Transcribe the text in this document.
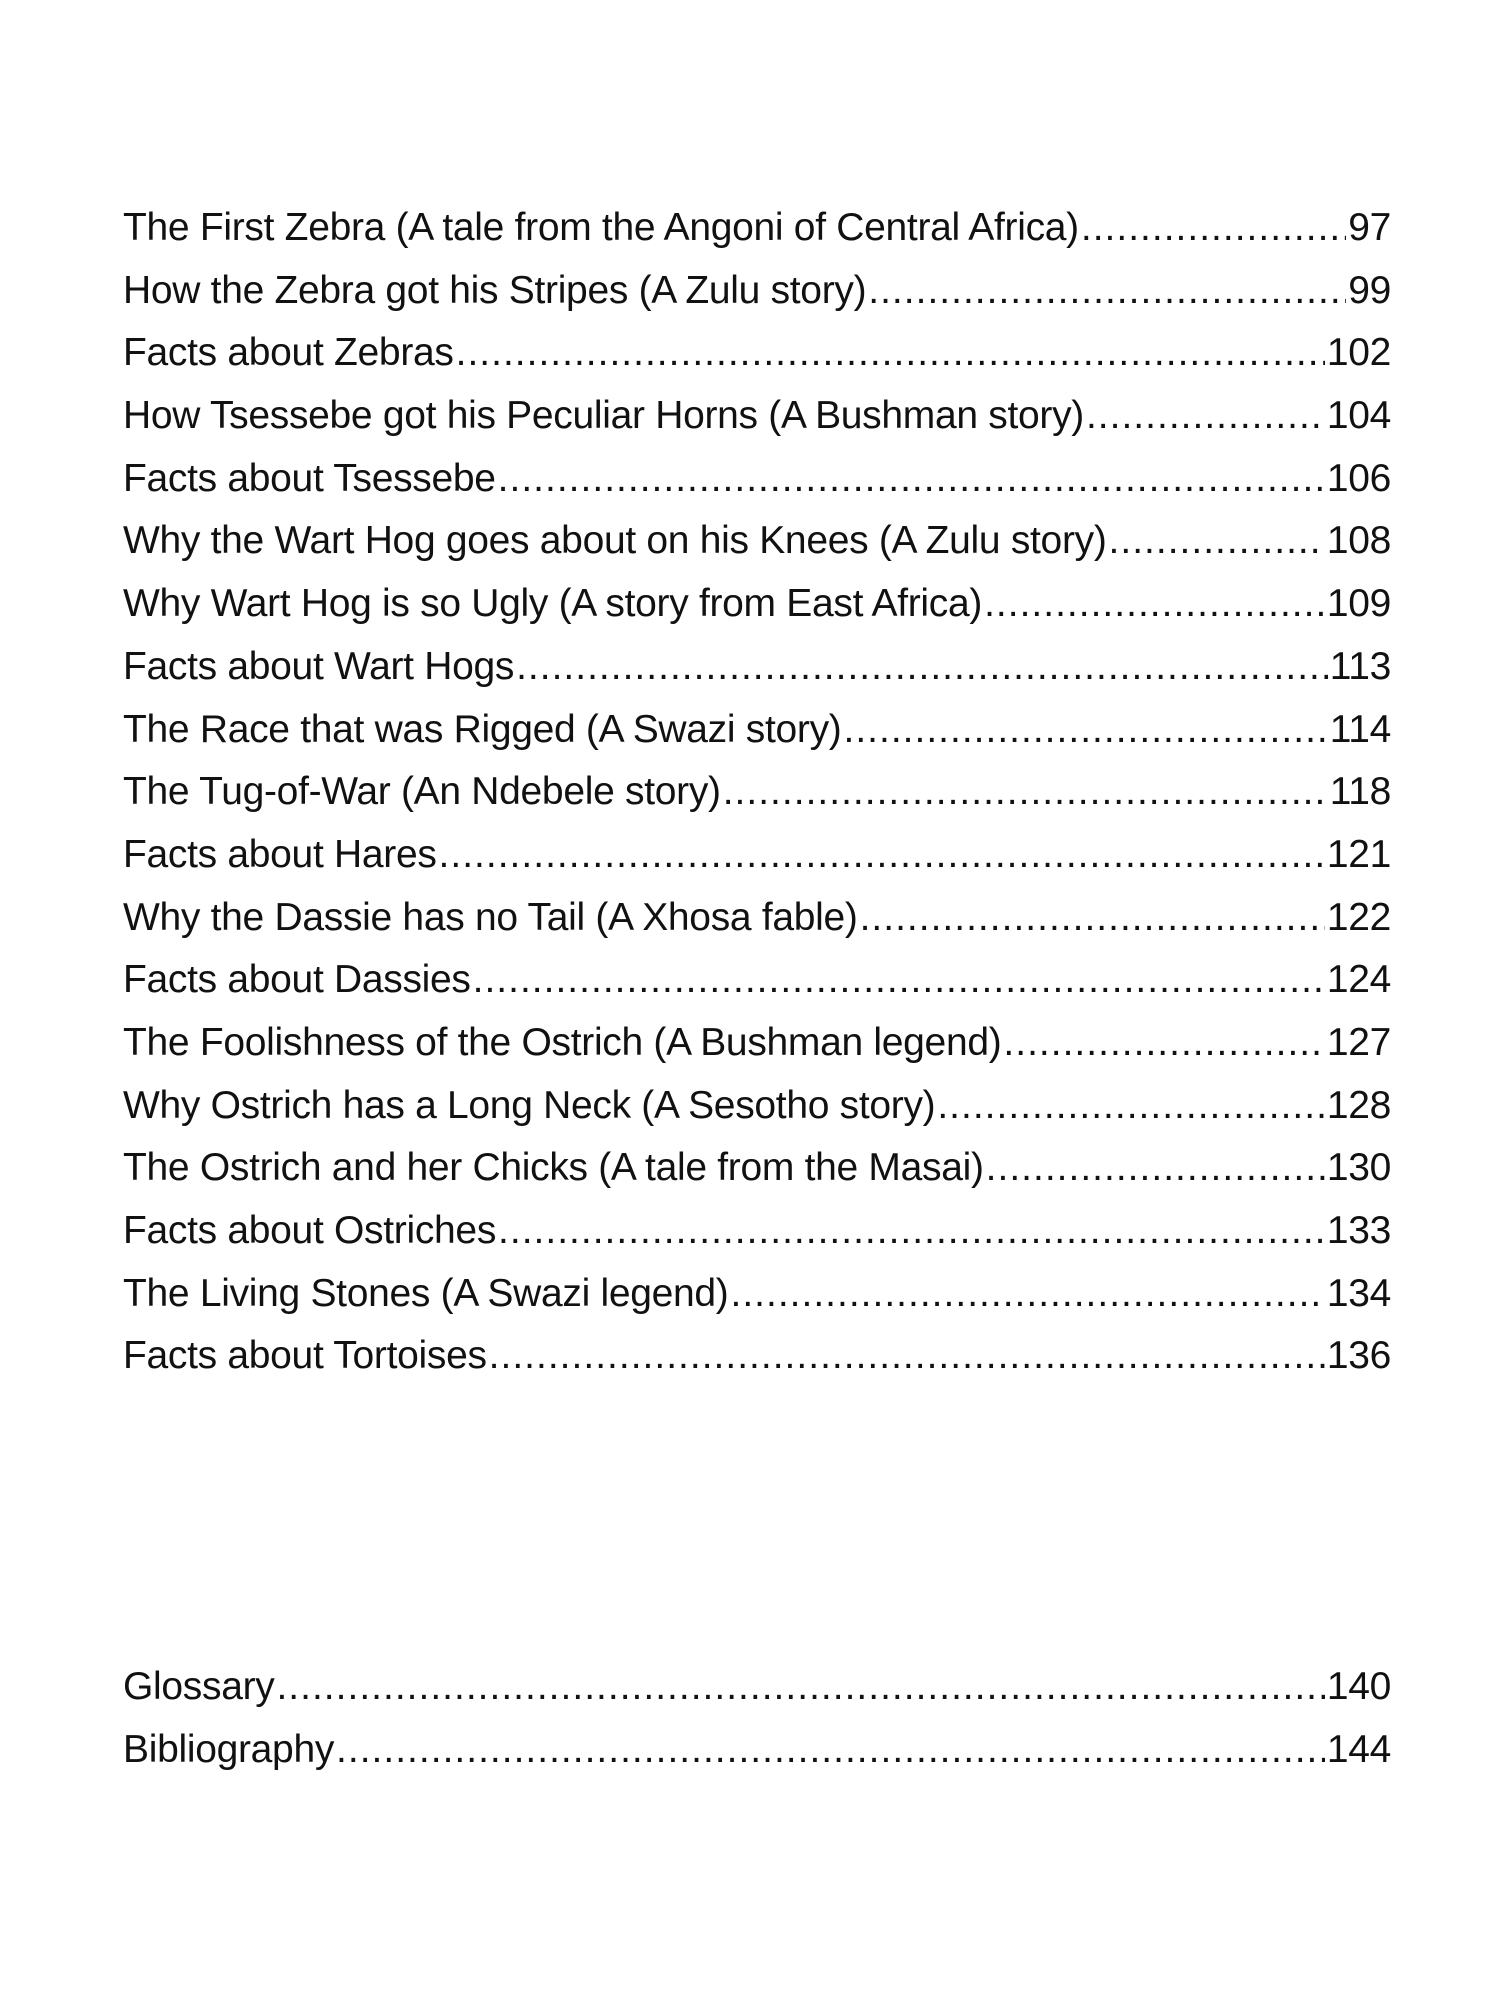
The First Zebra (A tale from the Angoni of Central Africa) .....	97
How the Zebra got his Stripes (A Zulu story) .....	99
Facts about Zebras .....	102
How Tsessebe got his Peculiar Horns (A Bushman story) .....	104
Facts about Tsessebe .....	106
Why the Wart Hog goes about on his Knees (A Zulu story) .....	108
Why Wart Hog is so Ugly (A story from East Africa) .....	109
Facts about Wart Hogs .....	113
The Race that was Rigged (A Swazi story) .....	114
The Tug-of-War (An Ndebele story) .....	118
Facts about Hares .....	121
Why the Dassie has no Tail (A Xhosa fable) .....	122
Facts about Dassies .....	124
The Foolishness of the Ostrich (A Bushman legend) .....	127
Why Ostrich has a Long Neck (A Sesotho story) .....	128
The Ostrich and her Chicks (A tale from the Masai) .....	130
Facts about Ostriches .....	133
The Living Stones (A Swazi legend) .....	134
Facts about Tortoises .....	136
Glossary .....	140
Bibliography .....	144
